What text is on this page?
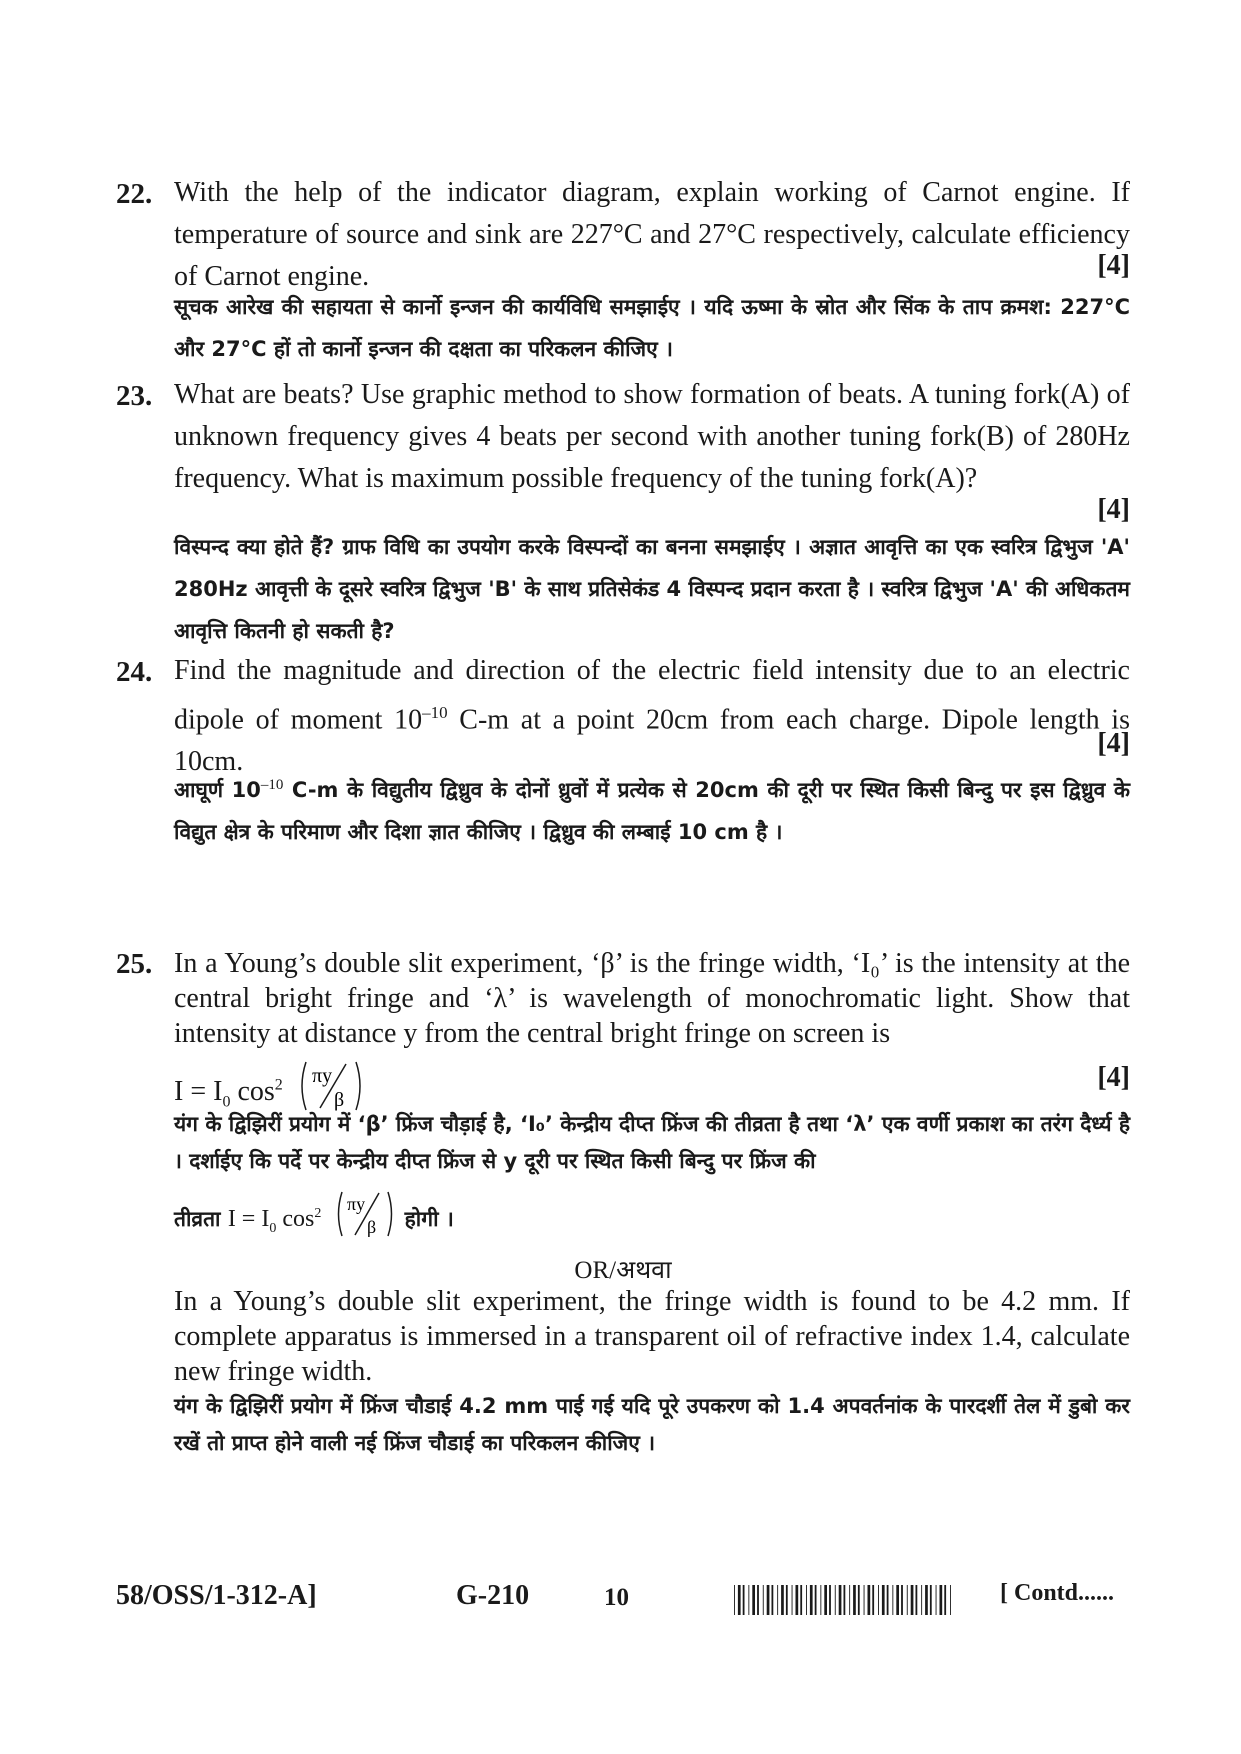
22. With the help of the indicator diagram, explain working of Carnot engine. If temperature of source and sink are 227°C and 27°C respectively, calculate efficiency of Carnot engine.	[4]
सूचक आरेख की सहायता से कार्नो इन्जन की कार्यविधि समझाईए । यदि ऊष्मा के स्रोत और सिंक के ताप क्रमश: 227°C और 27°C हों तो कार्नो इन्जन की दक्षता का परिकलन कीजिए ।
23. What are beats? Use graphic method to show formation of beats. A tuning fork(A) of unknown frequency gives 4 beats per second with another tuning fork(B) of 280Hz frequency. What is maximum possible frequency of the tuning fork(A)?
[4]
विस्पन्द क्या होते हैं? ग्राफ विधि का उपयोग करके विस्पन्दों का बनना समझाईए । अज्ञात आवृत्ति का एक स्वरित्र द्विभुज 'A' 280Hz आवृत्ती के दूसरे स्वरित्र द्विभुज 'B' के साथ प्रतिसेकंड 4 विस्पन्द प्रदान करता है । स्वरित्र द्विभुज 'A' की अधिकतम आवृत्ति कितनी हो सकती है?
24. Find the magnitude and direction of the electric field intensity due to an electric dipole of moment $10^{-10}$ C-m at a point 20cm from each charge. Dipole length is 10cm.
[4]
आघूर्ण $10^{-10}$ C-m के विद्युतीय द्विध्रुव के दोनों ध्रुवों में प्रत्येक से 20cm की दूरी पर स्थित किसी बिन्दु पर इस द्विध्रुव के विद्युत क्षेत्र के परिमाण और दिशा ज्ञात कीजिए । द्विध्रुव की लम्बाई 10 cm है ।
25. In a Young’s double slit experiment, ‘β’ is the fringe width, ‘I₀’ is the intensity at the central bright fringe and ‘λ’ is wavelength of monochromatic light. Show that intensity at distance y from the central bright fringe on screen is
$I = I_0$ $\cos^2 \pi y$
β
[4]
यंग के द्विझिरीं प्रयोग में ‘β’ फ्रिंज चौड़ाई है, ‘I₀’ केन्द्रीय दीप्त फ्रिंज की तीव्रता है तथा ‘λ’ एक वर्णी प्रकाश का तरंग दैर्ध्य है । दर्शाईए कि पर्दे पर केन्द्रीय दीप्त फ्रिंज से y दूरी पर स्थित किसी बिन्दु पर फ्रिंज की
तीव्रता $I = I_0$ $\cos^2 \pi y$
β होगी ।
OR/अथवा
In a Young’s double slit experiment, the fringe width is found to be 4.2 mm. If complete apparatus is immersed in a transparent oil of refractive index 1.4, calculate new fringe width.
यंग के द्विझिरीं प्रयोग में फ्रिंज चौडाई 4.2 mm पाई गई यदि पूरे उपकरण को 1.4 अपवर्तनांक के पारदर्शी तेल में डुबो कर रखें तो प्राप्त होने वाली नई फ्रिंज चौडाई का परिकलन कीजिए ।
58/OSS/1-312-A]	G-210	10	[ Contd......
